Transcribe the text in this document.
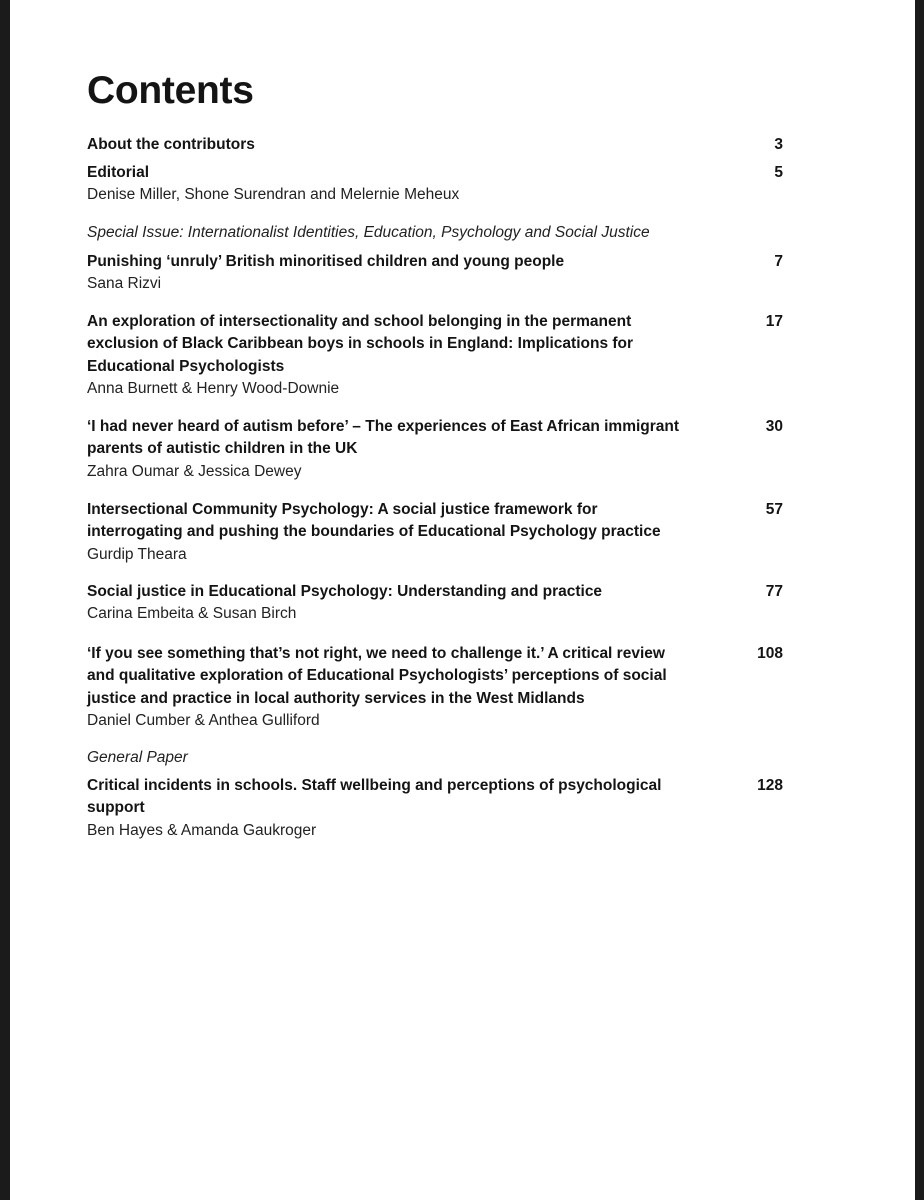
Contents
About the contributors	3
Editorial
Denise Miller, Shone Surendran and Melernie Meheux
5
Special Issue: Internationalist Identities, Education, Psychology and Social Justice
Punishing ‘unruly’ British minoritised children and young people
Sana Rizvi
7
An exploration of intersectionality and school belonging in the permanent exclusion of Black Caribbean boys in schools in England: Implications for Educational Psychologists
Anna Burnett & Henry Wood-Downie
17
‘I had never heard of autism before’ – The experiences of East African immigrant parents of autistic children in the UK
Zahra Oumar & Jessica Dewey
30
Intersectional Community Psychology: A social justice framework for interrogating and pushing the boundaries of Educational Psychology practice
Gurdip Theara
57
Social justice in Educational Psychology: Understanding and practice
Carina Embeita & Susan Birch
77
‘If you see something that’s not right, we need to challenge it.’ A critical review and qualitative exploration of Educational Psychologists’ perceptions of social justice and practice in local authority services in the West Midlands
Daniel Cumber & Anthea Gulliford
108
General Paper
Critical incidents in schools. Staff wellbeing and perceptions of psychological support
Ben Hayes & Amanda Gaukroger
128
